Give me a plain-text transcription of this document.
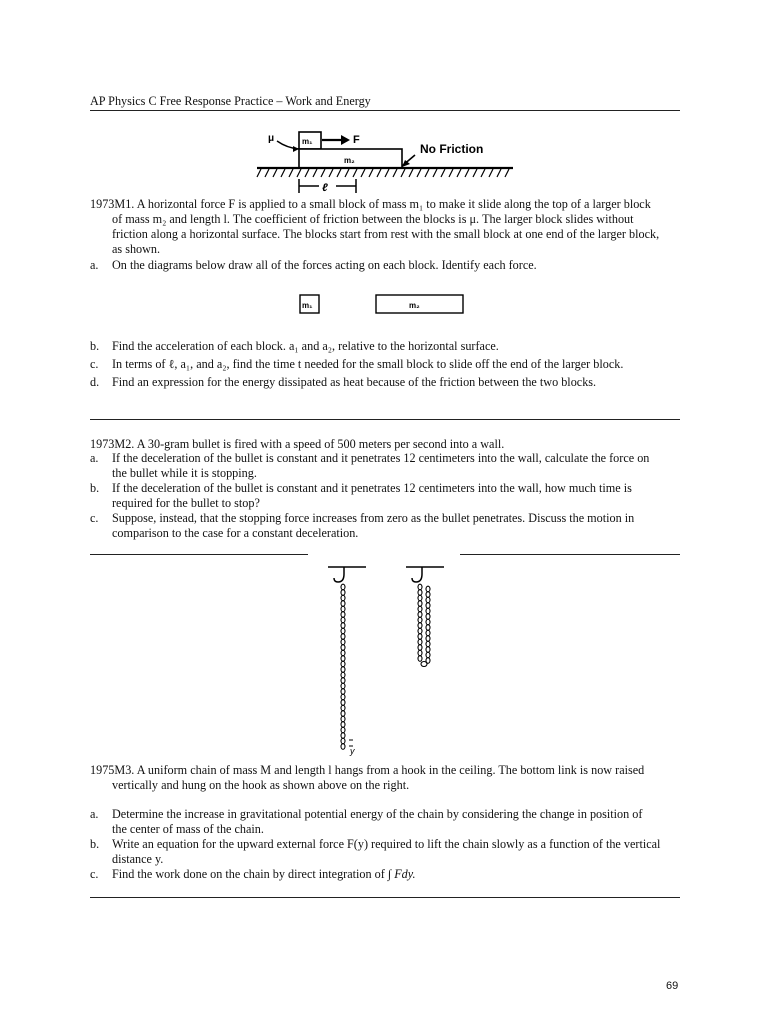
AP Physics C Free Response Practice – Work and Energy
μ	m₁	F
m₂
No Friction
ℓ
1973M1. A horizontal force F is applied to a small block of mass m₁ to make it slide along the top of a larger block
of mass m₂ and length l. The coefficient of friction between the blocks is μ. The larger block slides without
friction along a horizontal surface. The blocks start from rest with the small block at one end of the larger block,
as shown.
a. On the diagrams below draw all of the forces acting on each block. Identify each force.
m₁	m₂
b. Find the acceleration of each block. a₁ and a₂, relative to the horizontal surface.
c. In terms of ℓ, a₁, and a₂, find the time t needed for the small block to slide off the end of the larger block.
d. Find an expression for the energy dissipated as heat because of the friction between the two blocks.
1973M2. A 30-gram bullet is fired with a speed of 500 meters per second into a wall.
a. If the deceleration of the bullet is constant and it penetrates 12 centimeters into the wall, calculate the force on
the bullet while it is stopping.
b. If the deceleration of the bullet is constant and it penetrates 12 centimeters into the wall, how much time is
required for the bullet to stop?
c. Suppose, instead, that the stopping force increases from zero as the bullet penetrates. Discuss the motion in
comparison to the case for a constant deceleration.
y
1975M3. A uniform chain of mass M and length l hangs from a hook in the ceiling. The bottom link is now raised
vertically and hung on the hook as shown above on the right.
a. Determine the increase in gravitational potential energy of the chain by considering the change in position of
the center of mass of the chain.
b. Write an equation for the upward external force F(y) required to lift the chain slowly as a function of the vertical
distance y.
c. Find the work done on the chain by direct integration of ∫ Fdy.
69
